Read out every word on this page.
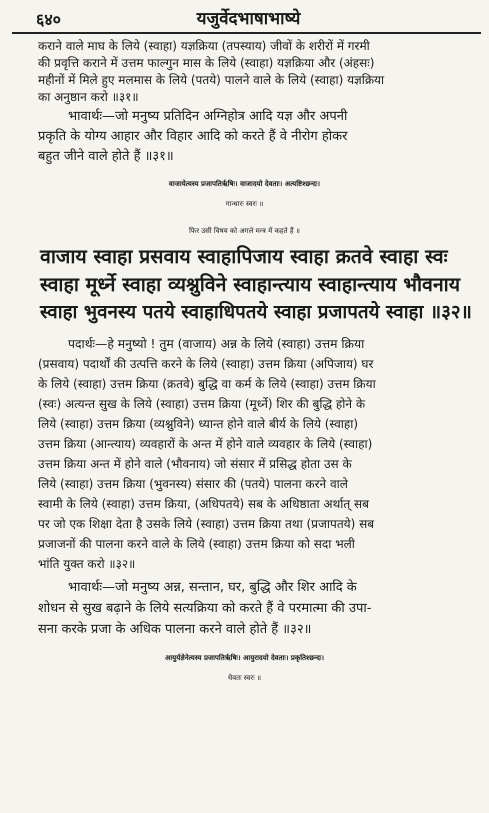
६४०	यजुर्वेदभाषाभाष्ये
कराने वाले माघ के लिये (स्वाहा) यज्ञक्रिया (तपस्याय) जीवों के शरीरों में गरमी
की प्रवृत्ति कराने में उत्तम फाल्गुन मास के लिये (स्वाहा) यज्ञक्रिया और (अंहसः)
महीनों में मिले हुए मलमास के लिये (पतये) पालने वाले के लिये (स्वाहा) यज्ञक्रिया
का अनुष्ठान करो ॥३१॥
भावार्थः—जो मनुष्य प्रतिदिन अग्निहोत्र आदि यज्ञ और अपनी
प्रकृति के योग्य आहार और विहार आदि को करते हैं वे नीरोग होकर
बहुत जीने वाले होते हैं ॥३१॥
वाजायेत्यस्य प्रजापतिर्ऋषिः। वाजादयो देवताः। अत्यष्टिश्छन्दः।
गान्धारः स्वरः ॥
फिर उसी विषय को अगले मन्त्र में कहते हैं ॥
वाजाय स्वाहा प्रसवाय स्वाहापिजाय स्वाहा क्रतवे स्वाहा स्वः
स्वाहा मूर्ध्ने स्वाहा व्यश्नुविने स्वाहान्त्याय स्वाहान्त्याय भौवनाय
स्वाहा भुवनस्य पतये स्वाहाधिपतये स्वाहा प्रजापतये स्वाहा ॥३२॥
पदार्थः—हे मनुष्यो ! तुम (वाजाय) अन्न के लिये (स्वाहा) उत्तम क्रिया
(प्रसवाय) पदार्थों की उत्पत्ति करने के लिये (स्वाहा) उत्तम क्रिया (अपिजाय) घर
के लिये (स्वाहा) उत्तम क्रिया (क्रतवे) बुद्धि वा कर्म के लिये (स्वाहा) उत्तम क्रिया
(स्वः) अत्यन्त सुख के लिये (स्वाहा) उत्तम क्रिया (मूर्ध्ने) शिर की बुद्धि होने के
लिये (स्वाहा) उत्तम क्रिया (व्यश्नुविने) ध्यान्त होने वाले बीर्य के लिये (स्वाहा)
उत्तम क्रिया (आन्त्याय) व्यवहारों के अन्त में होने वाले व्यवहार के लिये (स्वाहा)
उत्तम क्रिया अन्त में होने वाले (भौवनाय) जो संसार में प्रसिद्ध होता उस के
लिये (स्वाहा) उत्तम क्रिया (भुवनस्य) संसार की (पतये) पालना करने वाले
स्वामी के लिये (स्वाहा) उत्तम क्रिया, (अधिपतये) सब के अधिष्ठाता अर्थात् सब
पर जो एक शिक्षा देता है उसके लिये (स्वाहा) उत्तम क्रिया तथा (प्रजापतये) सब
प्रजाजनों की पालना करने वाले के लिये (स्वाहा) उत्तम क्रिया को सदा भली
भांति युक्त करो ॥३२॥
भावार्थः—जो मनुष्य अन्न, सन्तान, घर, बुद्धि और शिर आदि के
शोधन से सुख बढ़ाने के लिये सत्यक्रिया को करते हैं वे परमात्मा की उपा-
सना करके प्रजा के अधिक पालना करने वाले होते हैं ॥३२॥
आयुर्यज्ञेनेत्यस्य प्रजापतिर्ऋषिः। आयुरादयो देवताः। प्रकृतिश्छन्दः।
धैवतः स्वरः ॥
